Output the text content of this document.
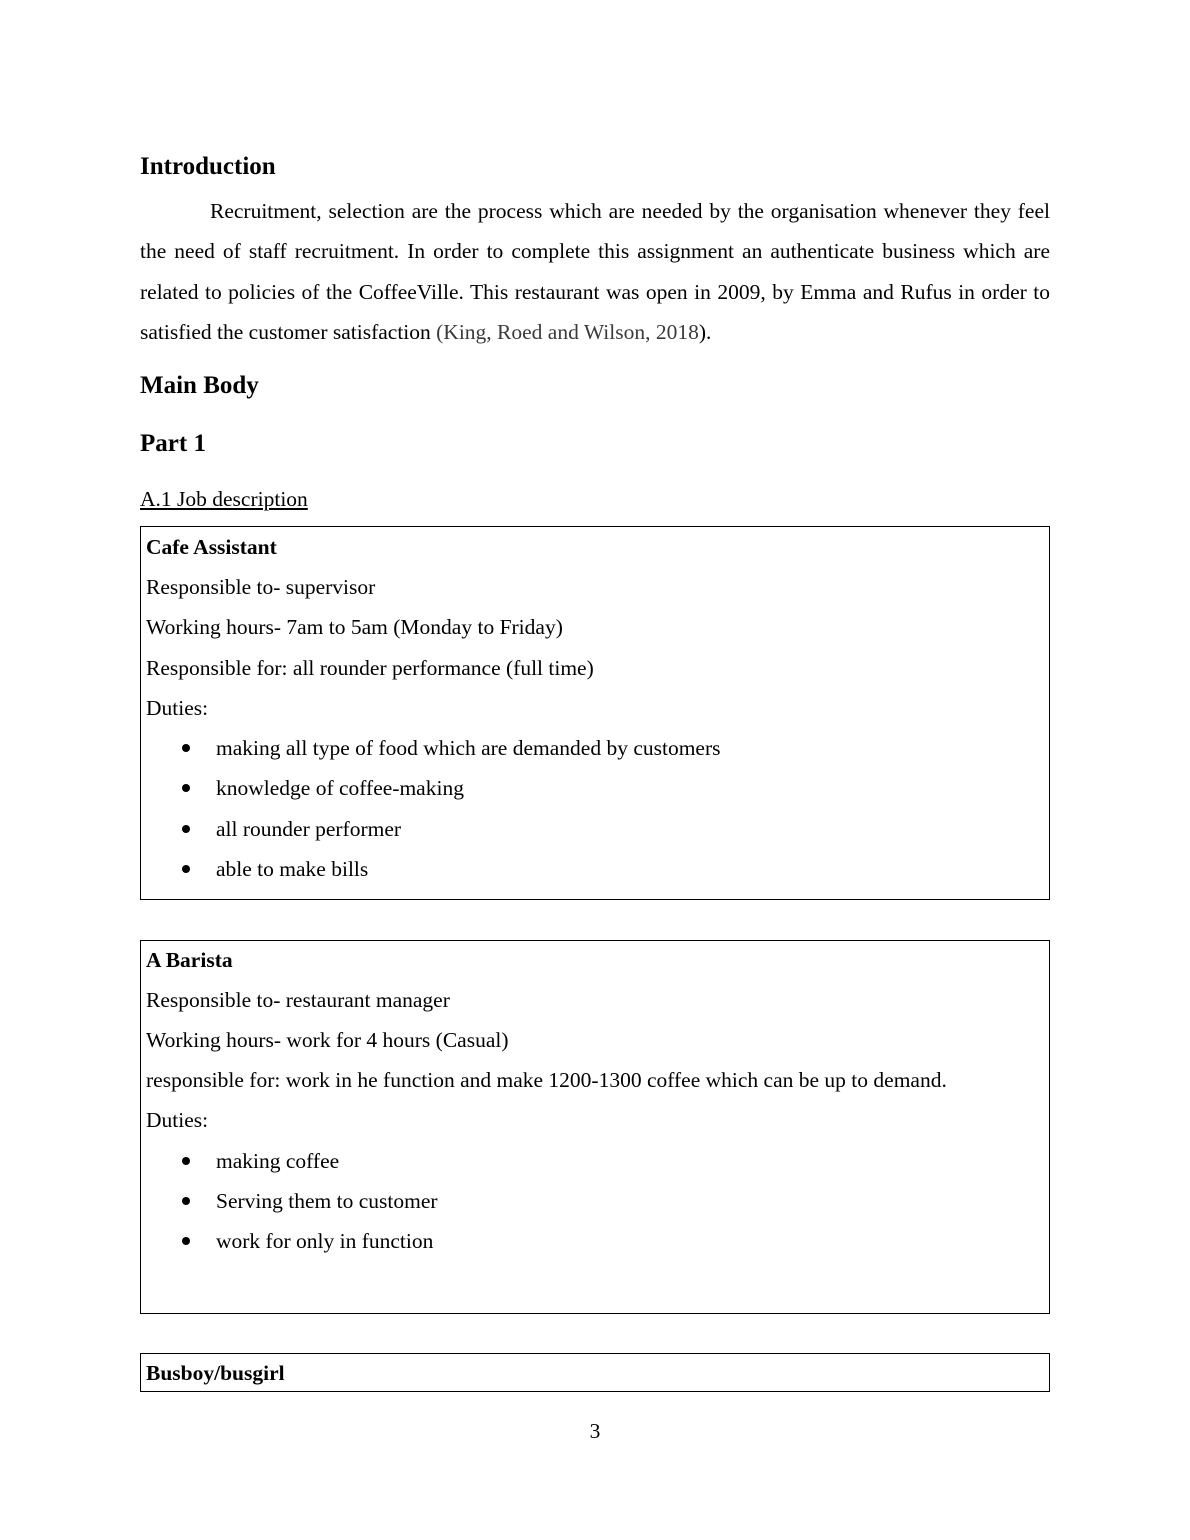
Introduction

Recruitment, selection are the process which are needed by the organisation whenever they feel the need of staff recruitment. In order to complete this assignment an authenticate business which are related to policies of the CoffeeVille. This restaurant was open in 2009, by Emma and Rufus in order to satisfied the customer satisfaction (King, Roed and Wilson, 2018).

Main Body
Part 1
A.1 Job description
Cafe Assistant
Responsible to- supervisor
Working hours- 7am to 5am (Monday to Friday)
Responsible for: all rounder performance (full time)
Duties:
making all type of food which are demanded by customers
knowledge of coffee-making
all rounder performer
able to make bills
A Barista
Responsible to- restaurant manager
Working hours- work for 4 hours (Casual)
responsible for: work in he function and make 1200-1300 coffee which can be up to demand.
Duties:
making coffee
Serving them to customer
work for only in function
Busboy/busgirl
3
